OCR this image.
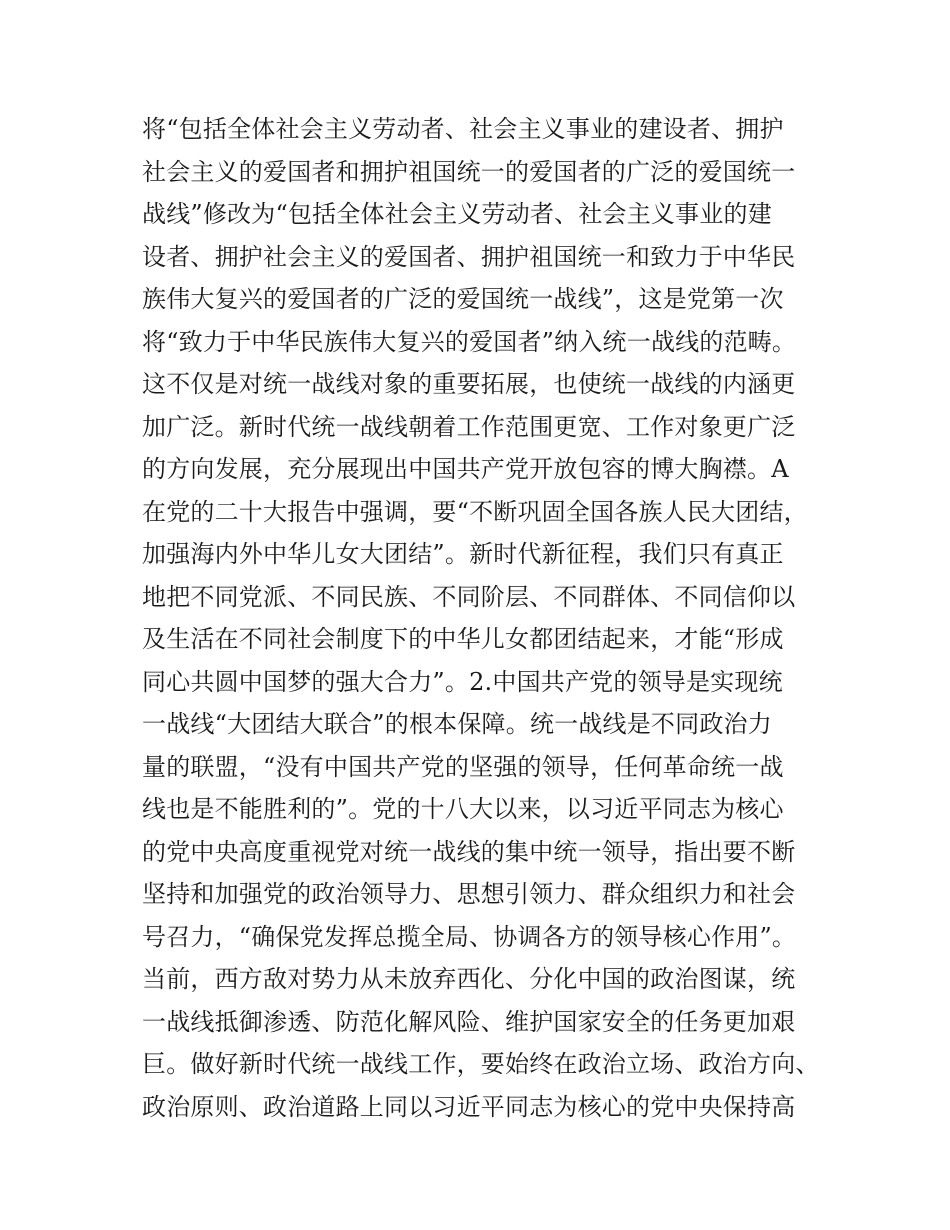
将“包括全体社会主义劳动者、社会主义事业的建设者、拥护
社会主义的爱国者和拥护祖国统一的爱国者的广泛的爱国统一
战线”修改为“包括全体社会主义劳动者、社会主义事业的建
设者、拥护社会主义的爱国者、拥护祖国统一和致力于中华民
族伟大复兴的爱国者的广泛的爱国统一战线”，这是党第一次
将“致力于中华民族伟大复兴的爱国者”纳入统一战线的范畴。
这不仅是对统一战线对象的重要拓展，也使统一战线的内涵更
加广泛。新时代统一战线朝着工作范围更宽、工作对象更广泛
的方向发展，充分展现出中国共产党开放包容的博大胸襟。A
在党的二十大报告中强调，要“不断巩固全国各族人民大团结，
加强海内外中华儿女大团结”。新时代新征程，我们只有真正
地把不同党派、不同民族、不同阶层、不同群体、不同信仰以
及生活在不同社会制度下的中华儿女都团结起来，才能“形成
同心共圆中国梦的强大合力”。2.中国共产党的领导是实现统
一战线“大团结大联合”的根本保障。统一战线是不同政治力
量的联盟，“没有中国共产党的坚强的领导，任何革命统一战
线也是不能胜利的”。党的十八大以来，以习近平同志为核心
的党中央高度重视党对统一战线的集中统一领导，指出要不断
坚持和加强党的政治领导力、思想引领力、群众组织力和社会
号召力，“确保党发挥总揽全局、协调各方的领导核心作用”。
当前，西方敌对势力从未放弃西化、分化中国的政治图谋，统
一战线抵御渗透、防范化解风险、维护国家安全的任务更加艰
巨。做好新时代统一战线工作，要始终在政治立场、政治方向、
政治原则、政治道路上同以习近平同志为核心的党中央保持高
